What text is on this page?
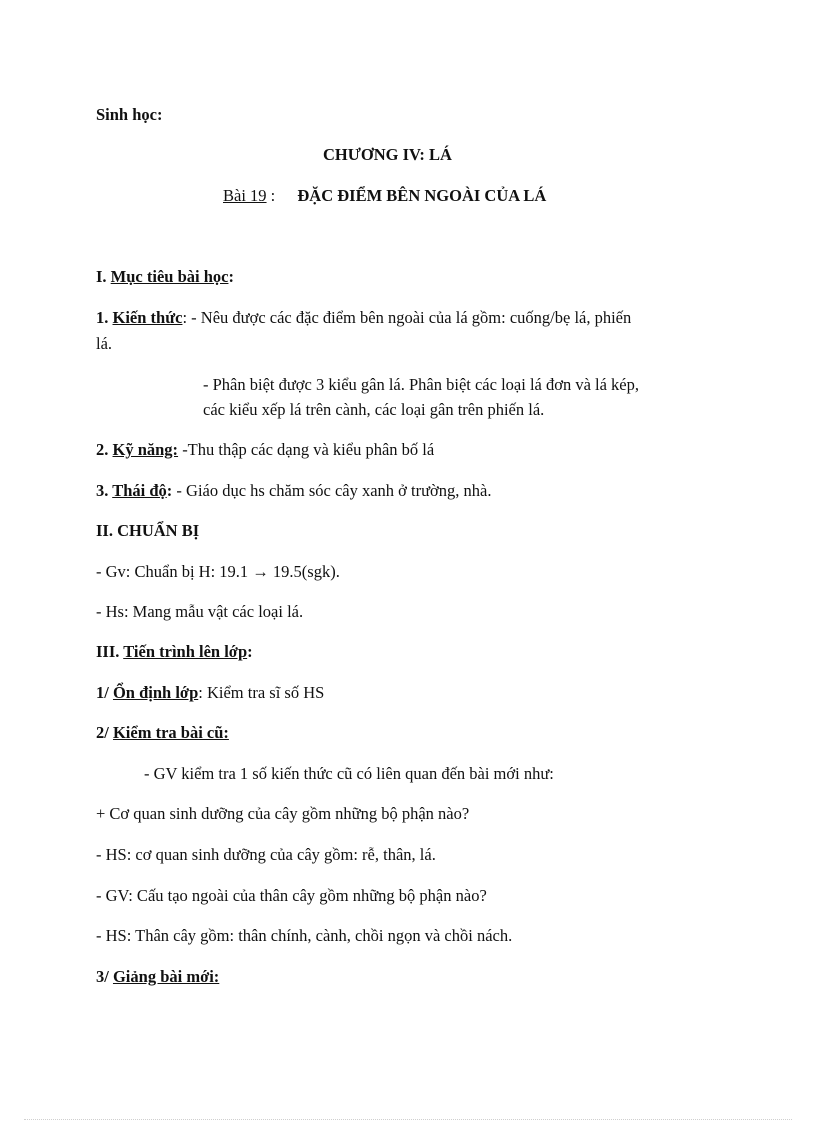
Sinh học:
CHƯƠNG IV: LÁ
Bài 19 : ĐẶC ĐIỂM BÊN NGOÀI CỦA LÁ
I. Mục tiêu bài học:
1. Kiến thức: - Nêu được các đặc điểm bên ngoài của lá gồm: cuống/bẹ lá, phiến
lá.
- Phân biệt được 3 kiểu gân lá. Phân biệt các loại lá đơn và lá kép,
các kiểu xếp lá trên cành, các loại gân trên phiến lá.
2. Kỹ năng: -Thu thập các dạng và kiểu phân bố lá
3. Thái độ: - Giáo dục hs chăm sóc cây xanh ở trường, nhà.
II. CHUẨN BỊ
- Gv: Chuẩn bị H: 19.1 → 19.5(sgk).
- Hs: Mang mẫu vật các loại lá.
III. Tiến trình lên lớp:
1/ Ổn định lớp: Kiểm tra sĩ số HS
2/ Kiểm tra bài cũ:
- GV kiểm tra 1 số kiến thức cũ có liên quan đến bài mới như:
+ Cơ quan sinh dưỡng của cây gồm những bộ phận nào?
- HS: cơ quan sinh dưỡng của cây gồm: rễ, thân, lá.
- GV: Cấu tạo ngoài của thân cây gồm những bộ phận nào?
- HS: Thân cây gồm: thân chính, cành, chồi ngọn và chồi nách.
3/ Giảng bài mới:
